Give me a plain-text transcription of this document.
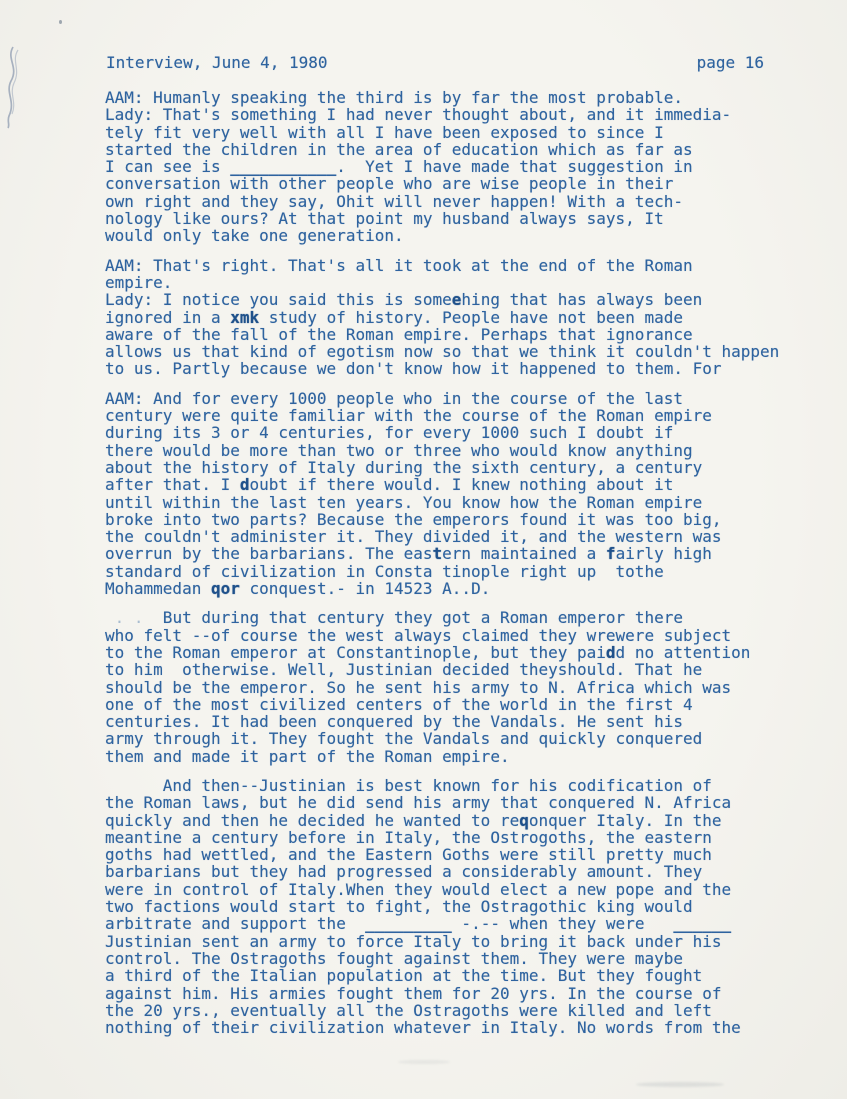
Interview, June 4, 1980	page 16
AAM: Humanly speaking the third is by far the most probable.
Lady: That's something I had never thought about, and it immedia-
tely fit very well with all I have been exposed to since I
started the children in the area of education which as far as
I can see is ___________.  Yet I have made that suggestion in
conversation with other people who are wise people in their
own right and they say, Ohit will never happen! With a tech-
nology like ours? At that point my husband always says, It
would only take one generation.
AAM: That's right. That's all it took at the end of the Roman
empire.
Lady: I notice you said this is someehing that has always been
ignored in a xmk study of history. People have not been made
aware of the fall of the Roman empire. Perhaps that ignorance
allows us that kind of egotism now so that we think it couldn't happen
to us. Partly because we don't know how it happened to them. For
AAM: And for every 1000 people who in the course of the last
century were quite familiar with the course of the Roman empire
during its 3 or 4 centuries, for every 1000 such I doubt if
there would be more than two or three who would know anything
about the history of Italy during the sixth century, a century
after that. I doubt if there would. I knew nothing about it
until within the last ten years. You know how the Roman empire
broke into two parts? Because the emperors found it was too big,
the couldn't administer it. They divided it, and the western was
overrun by the barbarians. The eastern maintained a fairly high
standard of civilization in Consta tinople right up  tothe
Mohammedan qor conquest.- in 14523 A..D.
. .  But during that century they got a Roman emperor there
who felt --of course the west always claimed they wrewere subject
to the Roman emperor at Constantinople, but they paidd no attention
to him  otherwise. Well, Justinian decided theyshould. That he
should be the emperor. So he sent his army to N. Africa which was
one of the most civilized centers of the world in the first 4
centuries. It had been conquered by the Vandals. He sent his
army through it. They fought the Vandals and quickly conquered
them and made it part of the Roman empire.
And then--Justinian is best known for his codification of
the Roman laws, but he did send his army that conquered N. Africa
quickly and then he decided he wanted to reqonquer Italy. In the
meantine a century before in Italy, the Ostrogoths, the eastern
goths had wettled, and the Eastern Goths were still pretty much
barbarians but they had progressed a considerably amount. They
were in control of Italy.When they would elect a new pope and the
two factions would start to fight, the Ostragothic king would
arbitrate and support the  _________ -.-- when they were   ______
Justinian sent an army to force Italy to bring it back under his
control. The Ostragoths fought against them. They were maybe
a third of the Italian population at the time. But they fought
against him. His armies fought them for 20 yrs. In the course of
the 20 yrs., eventually all the Ostragoths were killed and left
nothing of their civilization whatever in Italy. No words from the
